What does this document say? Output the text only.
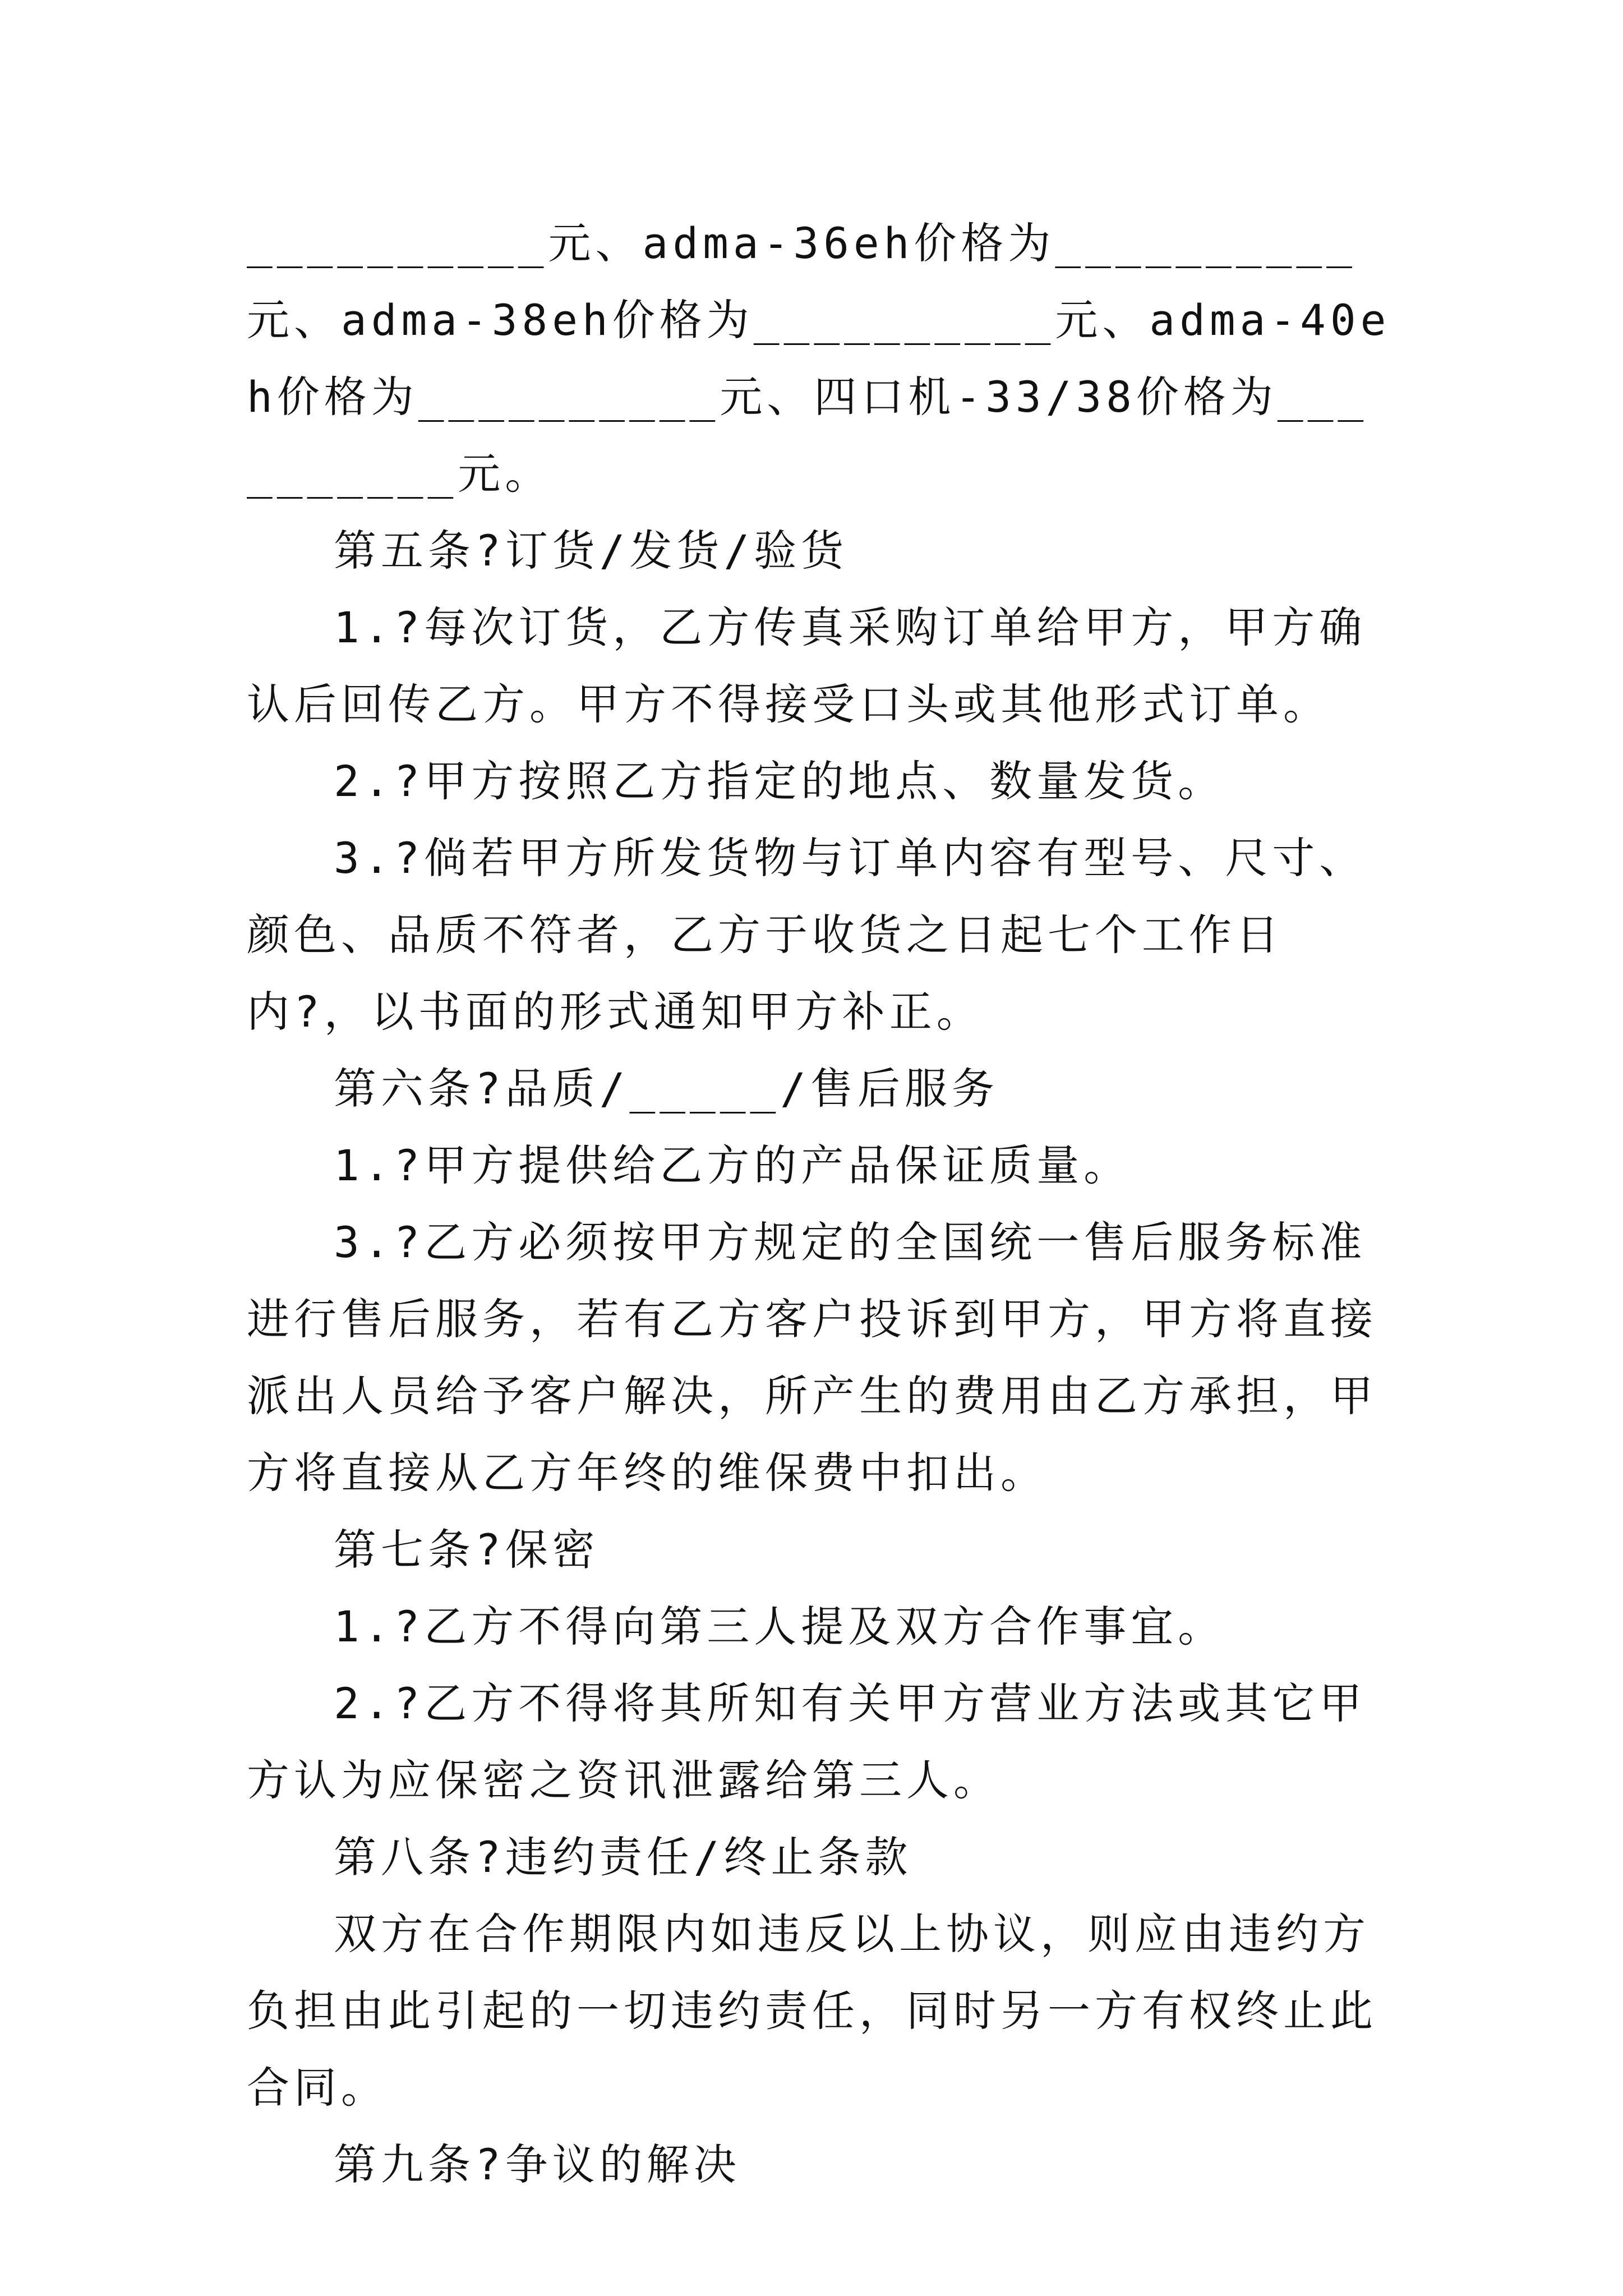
__________元、adma-36eh价格为__________元、adma-38eh价格为__________元、adma-40eh价格为__________元、四口机-33/38价格为__________元。

第五条?订货/发货/验货

1.?每次订货，乙方传真采购订单给甲方，甲方确认后回传乙方。甲方不得接受口头或其他形式订单。

2.?甲方按照乙方指定的地点、数量发货。

3.?倘若甲方所发货物与订单内容有型号、尺寸、颜色、品质不符者，乙方于收货之日起七个工作日内?，以书面的形式通知甲方补正。

第六条?品质/_____/售后服务

1.?甲方提供给乙方的产品保证质量。

3.?乙方必须按甲方规定的全国统一售后服务标准进行售后服务，若有乙方客户投诉到甲方，甲方将直接派出人员给予客户解决，所产生的费用由乙方承担，甲方将直接从乙方年终的维保费中扣出。

第七条?保密

1.?乙方不得向第三人提及双方合作事宜。

2.?乙方不得将其所知有关甲方营业方法或其它甲方认为应保密之资讯泄露给第三人。

第八条?违约责任/终止条款

双方在合作期限内如违反以上协议，则应由违约方负担由此引起的一切违约责任，同时另一方有权终止此合同。

第九条?争议的解决
